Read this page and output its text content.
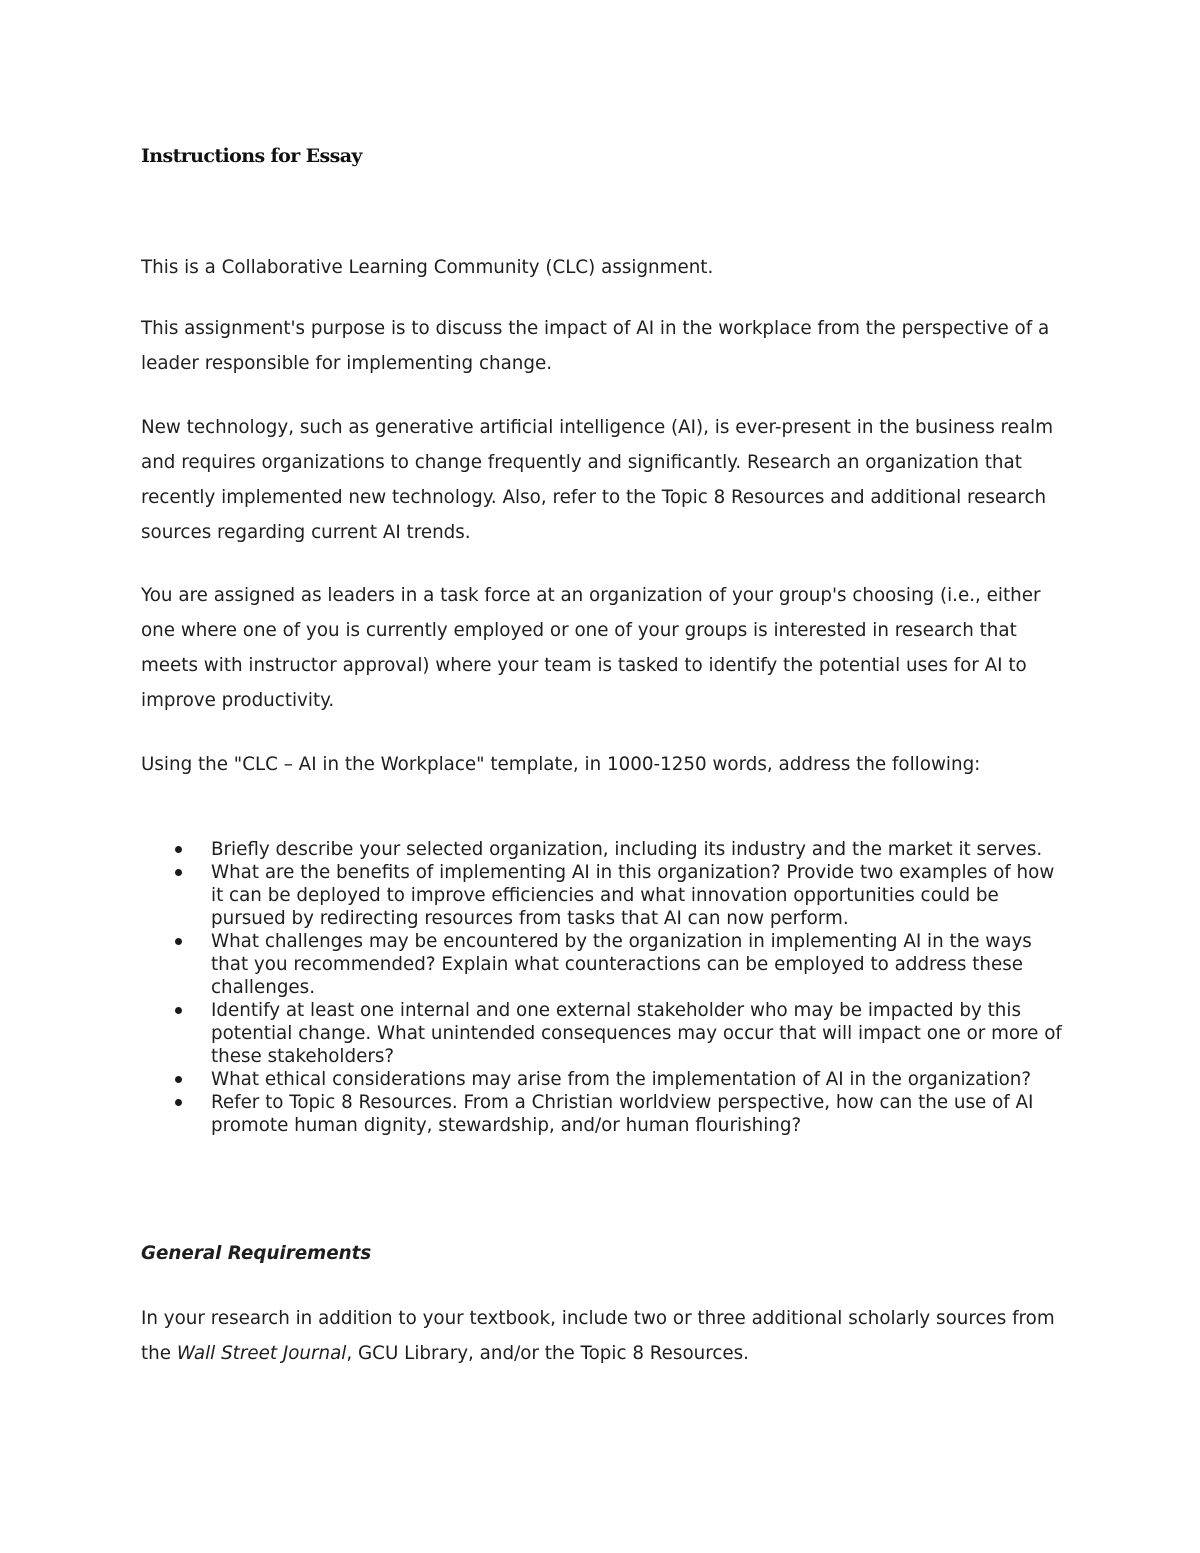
Instructions for Essay

This is a Collaborative Learning Community (CLC) assignment.

This assignment's purpose is to discuss the impact of AI in the workplace from the perspective of a leader responsible for implementing change.

New technology, such as generative artificial intelligence (AI), is ever-present in the business realm and requires organizations to change frequently and significantly. Research an organization that recently implemented new technology. Also, refer to the Topic 8 Resources and additional research sources regarding current AI trends.

You are assigned as leaders in a task force at an organization of your group's choosing (i.e., either one where one of you is currently employed or one of your groups is interested in research that meets with instructor approval) where your team is tasked to identify the potential uses for AI to improve productivity.

Using the "CLC – AI in the Workplace" template, in 1000-1250 words, address the following:

Briefly describe your selected organization, including its industry and the market it serves.
What are the benefits of implementing AI in this organization? Provide two examples of how it can be deployed to improve efficiencies and what innovation opportunities could be pursued by redirecting resources from tasks that AI can now perform.
What challenges may be encountered by the organization in implementing AI in the ways that you recommended? Explain what counteractions can be employed to address these challenges.
Identify at least one internal and one external stakeholder who may be impacted by this potential change. What unintended consequences may occur that will impact one or more of these stakeholders?
What ethical considerations may arise from the implementation of AI in the organization?
Refer to Topic 8 Resources. From a Christian worldview perspective, how can the use of AI promote human dignity, stewardship, and/or human flourishing?
General Requirements

In your research in addition to your textbook, include two or three additional scholarly sources from the Wall Street Journal, GCU Library, and/or the Topic 8 Resources.
